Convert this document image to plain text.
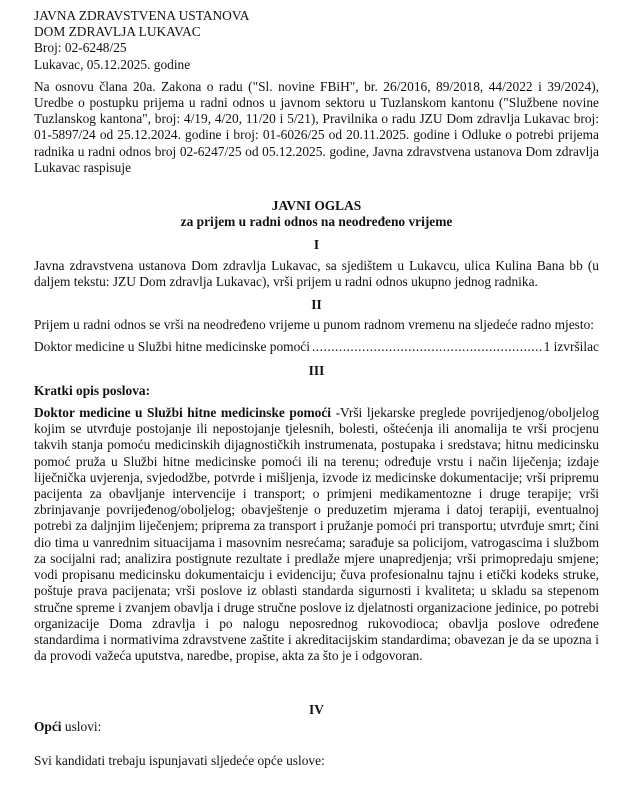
JAVNA ZDRAVSTVENA USTANOVA

DOM ZDRAVLJA LUKAVAC

Broj: 02-6248/25

Lukavac, 05.12.2025. godine

Na osnovu člana 20a. Zakona o radu ("Sl. novine FBiH", br. 26/2016, 89/2018, 44/2022 i 39/2024), Uredbe o postupku prijema u radni odnos u javnom sektoru u Tuzlanskom kantonu ("Službene novine Tuzlanskog kantona", broj: 4/19, 4/20, 11/20 i 5/21), Pravilnika o radu JZU Dom zdravlja Lukavac broj: 01-5897/24 od 25.12.2024. godine i broj: 01-6026/25 od 20.11.2025. godine i Odluke o potrebi prijema radnika u radni odnos broj 02-6247/25 od 05.12.2025. godine, Javna zdravstvena ustanova Dom zdravlja Lukavac raspisuje

JAVNI OGLAS

za prijem u radni odnos na neodređeno vrijeme

I

Javna zdravstvena ustanova Dom zdravlja Lukavac, sa sjedištem u Lukavcu, ulica Kulina Bana bb (u daljem tekstu: JZU Dom zdravlja Lukavac), vrši prijem u radni odnos ukupno jednog radnika.

II

Prijem u radni odnos se vrši na neodređeno vrijeme u punom radnom vremenu na sljedeće radno mjesto:

Doktor medicine u Službi hitne medicinske pomoći .....	1 izvršilac

III

Kratki opis poslova:

Doktor medicine u Službi hitne medicinske pomoći -Vrši ljekarske preglede povrijedjenog/oboljelog kojim se utvrđuje postojanje ili nepostojanje tjelesnih, bolesti, oštećenja ili anomalija te vrši procjenu takvih stanja pomoću medicinskih dijagnostičkih instrumenata, postupaka i sredstava; hitnu medicinsku pomoć pruža u Službi hitne medicinske pomoći ili na terenu; određuje vrstu i način liječenja; izdaje liječnička uvjerenja, svjedodžbe, potvrde i mišljenja, izvode iz medicinske dokumentacije; vrši pripremu pacijenta za obavljanje intervencije i transport; o primjeni medikamentozne i druge terapije; vrši zbrinjavanje povrijeđenog/oboljelog; obavještenje o preduzetim mjerama i datoj terapiji, eventualnoj potrebi za daljnjim liječenjem; priprema za transport i pružanje pomoći pri transportu; utvrđuje smrt; čini dio tima u vanrednim situacijama i masovnim nesrećama; sarađuje sa policijom, vatrogascima i službom za socijalni rad; analizira postignute rezultate i predlaže mjere unapredjenja; vrši primopredaju smjene; vodi propisanu medicinsku dokumentaicju i evidenciju; čuva profesionalnu tajnu i etički kodeks struke, poštuje prava pacijenata; vrši poslove iz oblasti standarda sigurnosti i kvaliteta; u skladu sa stepenom stručne spreme i zvanjem obavlja i druge stručne poslove iz djelatnosti organizacione jedinice, po potrebi organizacije Doma zdravlja i po nalogu neposrednog rukovodioca; obavlja poslove određene standardima i normativima zdravstvene zaštite i akreditacijskim standardima; obavezan je da se upozna i da provodi važeća uputstva, naredbe, propise, akta za što je i odgovoran.

IV

Opći uslovi:

Svi kandidati trebaju ispunjavati sljedeće opće uslove:
